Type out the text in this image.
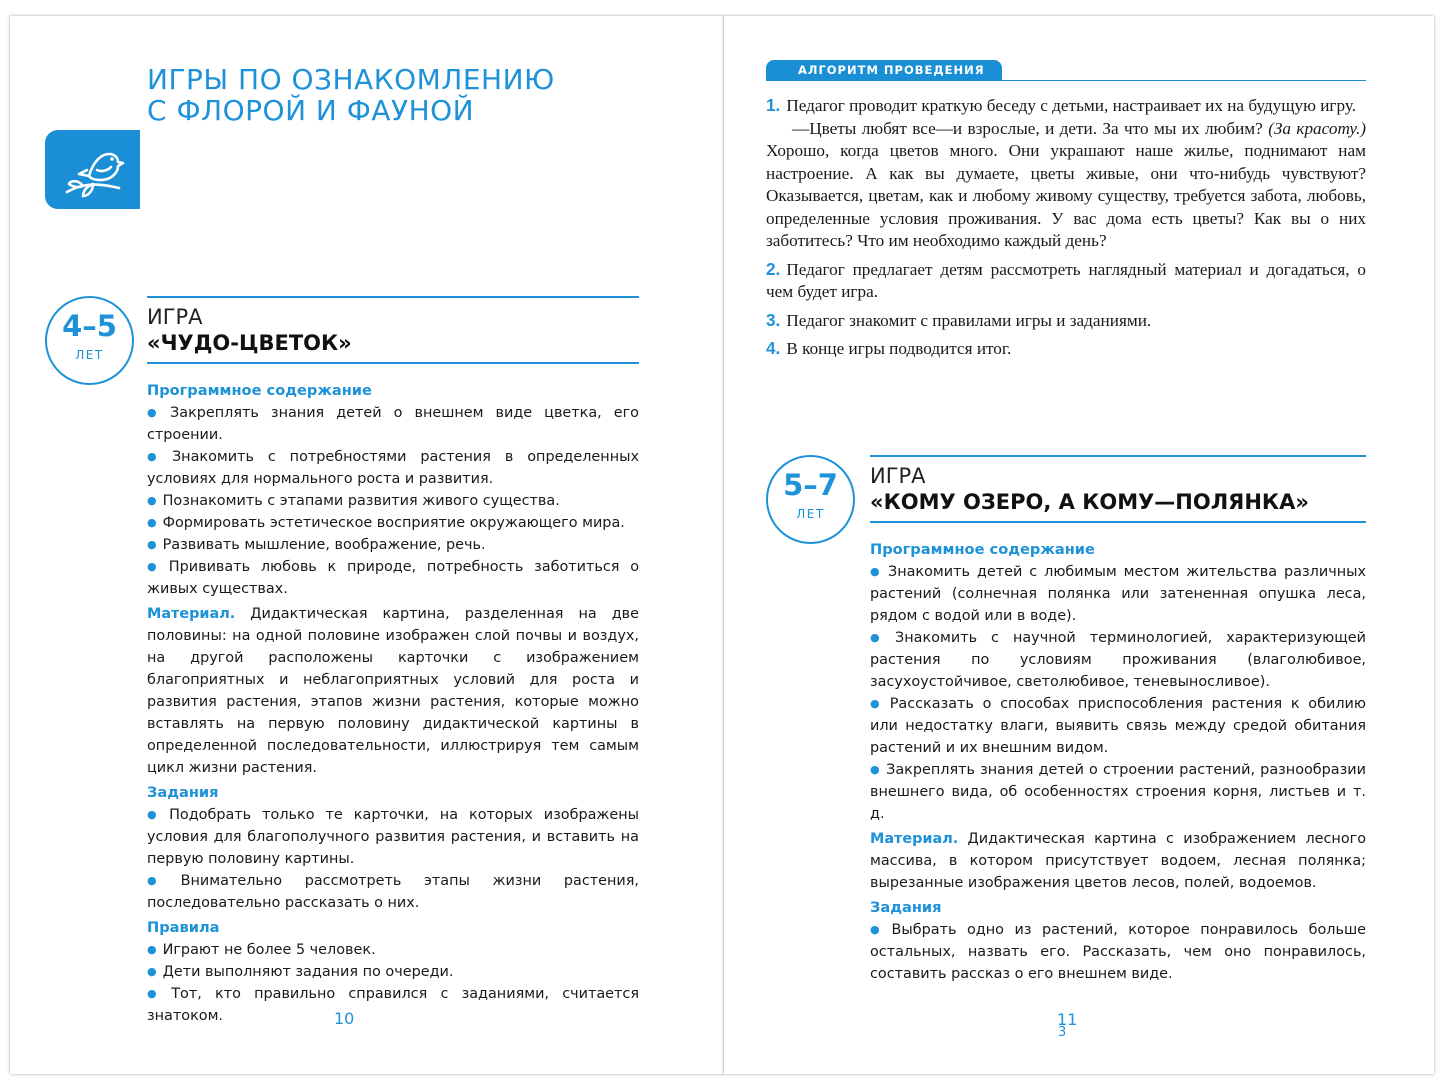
ИГРЫ ПО ОЗНАКОМЛЕНИЮ
С ФЛОРОЙ И ФАУНОЙ
4–5
ЛЕТ
ИГРА
«ЧУДО-ЦВЕТОК»
Программное содержание
● Закреплять знания детей о внешнем виде цветка, его строении.
● Знакомить с потребностями растения в определенных условиях для нормального роста и развития.
● Познакомить с этапами развития живого существа.
● Формировать эстетическое восприятие окружающего мира.
● Развивать мышление, воображение, речь.
● Прививать любовь к природе, потребность заботиться о живых существах.

Материал. Дидактическая картина, разделенная на две половины: на одной половине изображен слой почвы и воздух, на другой расположены карточки с изображением благоприятных и неблагоприятных условий для роста и развития растения, этапов жизни растения, которые можно вставлять на первую половину дидактической картины в определенной последовательности, иллюстрируя тем самым цикл жизни растения.

Задания
● Подобрать только те карточки, на которых изображены условия для благополучного развития растения, и вставить на первую половину картины.
● Внимательно рассмотреть этапы жизни растения, последовательно рассказать о них.
Правила
● Играют не более 5 человек.
● Дети выполняют задания по очереди.
● Тот, кто правильно справился с заданиями, считается знатоком.	10
АЛГОРИТМ ПРОВЕДЕНИЯ
1. Педагог проводит краткую беседу с детьми, настраивает их на будущую игру.
—Цветы любят все—и взрослые, и дети. За что мы их любим? (За красоту.) Хорошо, когда цветов много. Они украшают наше жилье, поднимают нам настроение. А как вы думаете, цветы живые, они что-нибудь чувствуют? Оказывается, цветам, как и любому живому существу, требуется забота, любовь, определенные условия проживания. У вас дома есть цветы? Как вы о них заботитесь? Что им необходимо каждый день?
2. Педагог предлагает детям рассмотреть наглядный материал и догадаться, о чем будет игра.
3. Педагог знакомит с правилами игры и заданиями.
4. В конце игры подводится итог.
5–7
ЛЕТ
ИГРА
«КОМУ ОЗЕРО, А КОМУ—ПОЛЯНКА»
Программное содержание
● Знакомить детей с любимым местом жительства различных растений (солнечная полянка или затененная опушка леса, рядом с водой или в воде).
● Знакомить с научной терминологией, характеризующей растения по условиям проживания (влаголюбивое, засухоустойчивое, светолюбивое, теневыносливое).
● Рассказать о способах приспособления растения к обилию или недостатку влаги, выявить связь между средой обитания растений и их внешним видом.
● Закреплять знания детей о строении растений, разнообразии внешнего вида, об особенностях строения корня, листьев и т. д.

Материал. Дидактическая картина с изображением лесного массива, в котором присутствует водоем, лесная полянка; вырезанные изображения цветов лесов, полей, водоемов.

Задания
● Выбрать одно из растений, которое понравилось больше остальных, назвать его. Рассказать, чем оно понравилось, составить рассказ о его внешнем виде.
11
3
